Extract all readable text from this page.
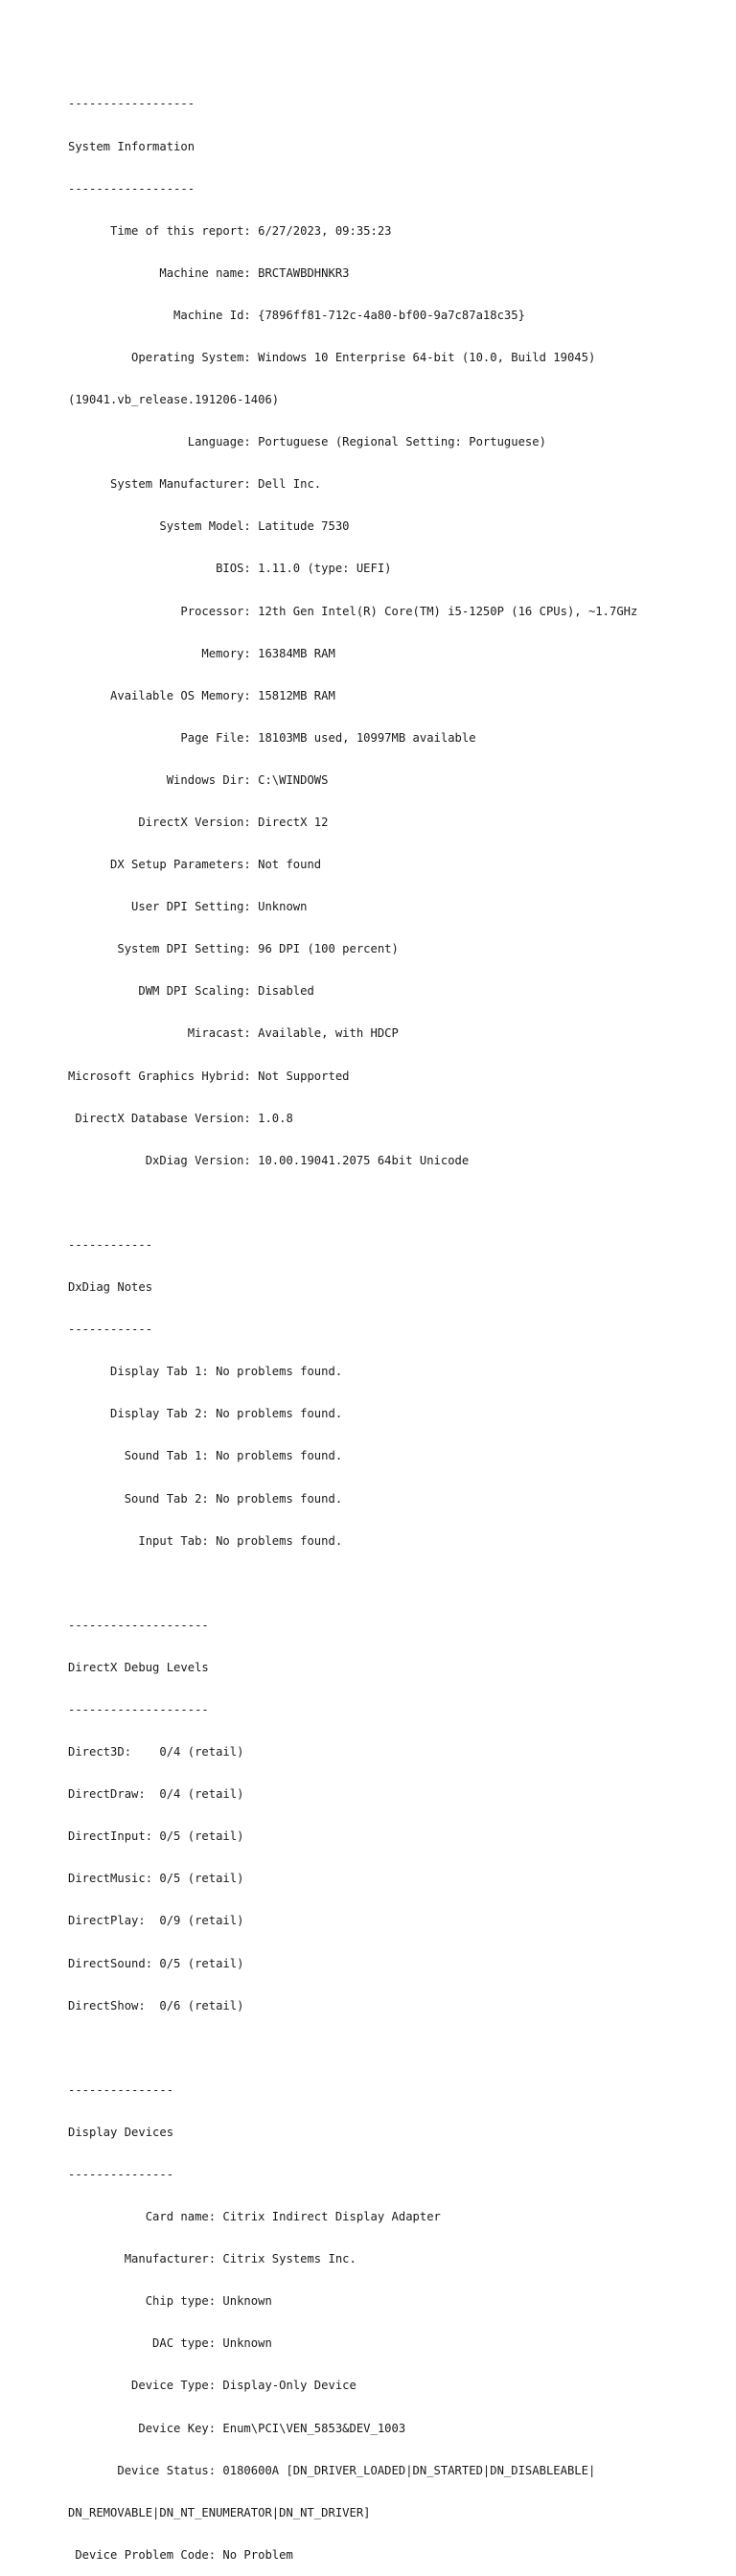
------------------

System Information

------------------

Time of this report: 6/27/2023, 09:35:23

Machine name: BRCTAWBDHNKR3

Machine Id: {7896ff81-712c-4a80-bf00-9a7c87a18c35}

Operating System: Windows 10 Enterprise 64-bit (10.0, Build 19045)

(19041.vb_release.191206-1406)

Language: Portuguese (Regional Setting: Portuguese)

System Manufacturer: Dell Inc.

System Model: Latitude 7530

BIOS: 1.11.0 (type: UEFI)

Processor: 12th Gen Intel(R) Core(TM) i5-1250P (16 CPUs), ~1.7GHz

Memory: 16384MB RAM

Available OS Memory: 15812MB RAM

Page File: 18103MB used, 10997MB available

Windows Dir: C:\WINDOWS

DirectX Version: DirectX 12

DX Setup Parameters: Not found

User DPI Setting: Unknown

System DPI Setting: 96 DPI (100 percent)

DWM DPI Scaling: Disabled

Miracast: Available, with HDCP

Microsoft Graphics Hybrid: Not Supported

DirectX Database Version: 1.0.8

DxDiag Version: 10.00.19041.2075 64bit Unicode

------------

DxDiag Notes

------------

Display Tab 1: No problems found.

Display Tab 2: No problems found.

Sound Tab 1: No problems found.

Sound Tab 2: No problems found.

Input Tab: No problems found.

--------------------

DirectX Debug Levels

--------------------

Direct3D:    0/4 (retail)

DirectDraw:  0/4 (retail)

DirectInput: 0/5 (retail)

DirectMusic: 0/5 (retail)

DirectPlay:  0/9 (retail)

DirectSound: 0/5 (retail)

DirectShow:  0/6 (retail)

---------------

Display Devices

---------------

Card name: Citrix Indirect Display Adapter

Manufacturer: Citrix Systems Inc.

Chip type: Unknown

DAC type: Unknown

Device Type: Display-Only Device

Device Key: Enum\PCI\VEN_5853&DEV_1003

Device Status: 0180600A [DN_DRIVER_LOADED|DN_STARTED|DN_DISABLEABLE|

DN_REMOVABLE|DN_NT_ENUMERATOR|DN_NT_DRIVER]

Device Problem Code: No Problem
